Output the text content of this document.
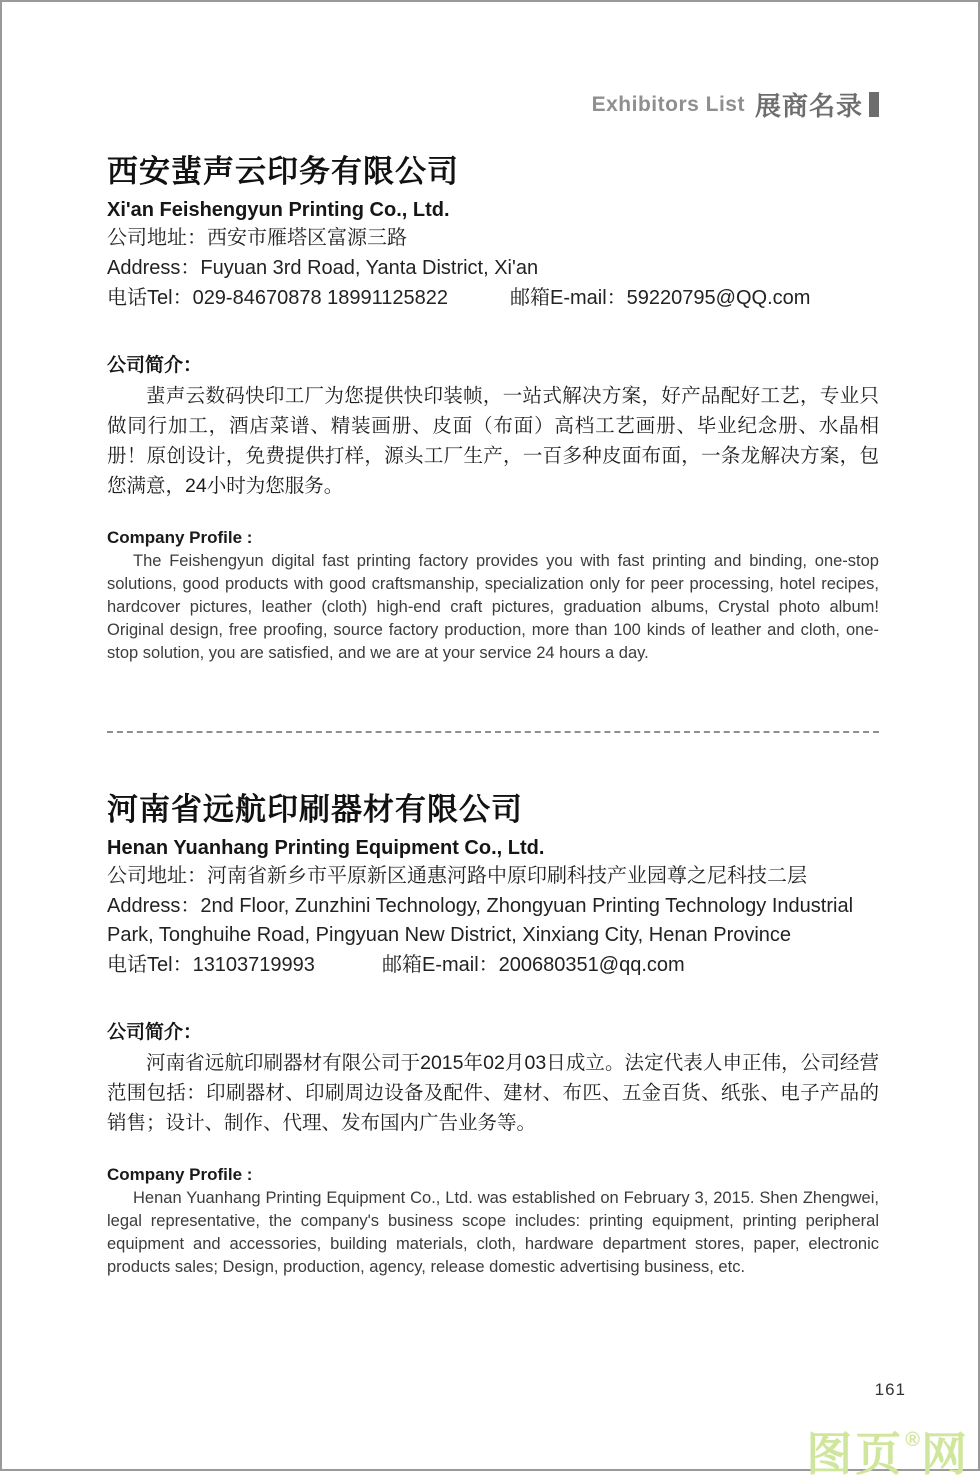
Exhibitors List 展商名录
西安蜚声云印务有限公司
Xi'an Feishengyun Printing Co., Ltd.
公司地址：西安市雁塔区富源三路
Address：Fuyuan 3rd Road, Yanta District, Xi'an
电话Tel：029-84670878 18991125822	邮箱E-mail：59220795@QQ.com
公司简介：

蜚声云数码快印工厂为您提供快印装帧，一站式解决方案，好产品配好工艺，专业只做同行加工，酒店菜谱、精装画册、皮面（布面）高档工艺画册、毕业纪念册、水晶相册！原创设计，免费提供打样，源头工厂生产，一百多种皮面布面，一条龙解决方案，包您满意，24小时为您服务。

Company Profile :

The Feishengyun digital fast printing factory provides you with fast printing and binding, one-stop solutions, good products with good craftsmanship, specialization only for peer processing, hotel recipes, hardcover pictures, leather (cloth) high-end craft pictures, graduation albums, Crystal photo album! Original design, free proofing, source factory production, more than 100 kinds of leather and cloth, one-stop solution, you are satisfied, and we are at your service 24 hours a day.

河南省远航印刷器材有限公司
Henan Yuanhang Printing Equipment Co., Ltd.
公司地址：河南省新乡市平原新区通惠河路中原印刷科技产业园尊之尼科技二层
Address：2nd Floor, Zunzhini Technology, Zhongyuan Printing Technology Industrial Park, Tonghuihe Road, Pingyuan New District, Xinxiang City, Henan Province
电话Tel：13103719993	邮箱E-mail：200680351@qq.com
公司简介：

河南省远航印刷器材有限公司于2015年02月03日成立。法定代表人申正伟，公司经营范围包括：印刷器材、印刷周边设备及配件、建材、布匹、五金百货、纸张、电子产品的销售；设计、制作、代理、发布国内广告业务等。

Company Profile :

Henan Yuanhang Printing Equipment Co., Ltd. was established on February 3, 2015. Shen Zhengwei, legal representative, the company's business scope includes: printing equipment, printing peripheral equipment and accessories, building materials, cloth, hardware department stores, paper, electronic products sales; Design, production, agency, release domestic advertising business, etc.

161
图页®网
